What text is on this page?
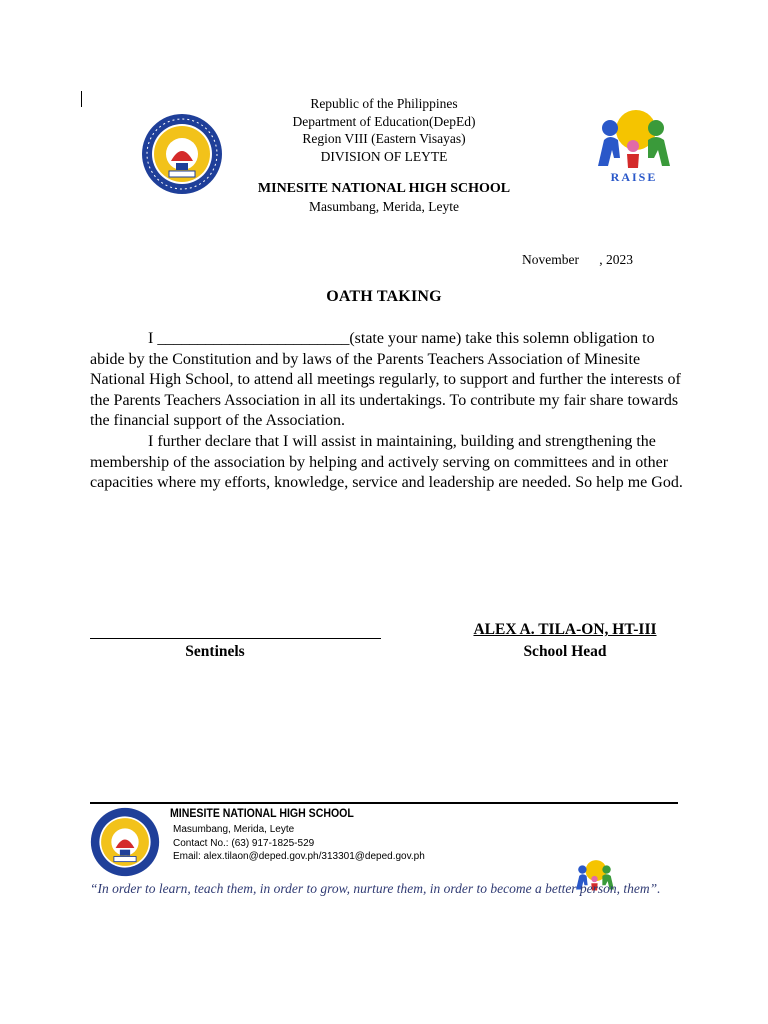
Republic of the Philippines
Department of Education(DepEd)
Region VIII (Eastern Visayas)
DIVISION OF LEYTE
MINESITE NATIONAL HIGH SCHOOL
Masumbang, Merida, Leyte
RAISE
November      , 2023
OATH TAKING

I ________________________(state your name) take this solemn obligation to abide by the Constitution and by laws of the Parents Teachers Association of Minesite National High School, to attend all meetings regularly, to support and further the interests of the Parents Teachers Association in all its undertakings. To contribute my fair share towards the financial support of the Association.

I further declare that I will assist in maintaining, building and strengthening the membership of the association by helping and actively serving on committees and in other capacities where my efforts, knowledge, service and leadership are needed. So help me God.

Sentinels
ALEX A. TILA-ON, HT-III
School Head
MINESITE NATIONAL HIGH SCHOOL
Masumbang, Merida, Leyte
Contact No.: (63) 917-1825-529
Email: alex.tilaon@deped.gov.ph/313301@deped.gov.ph
“In order to learn, teach them, in order to grow, nurture them, in order to become a better person, them”.
